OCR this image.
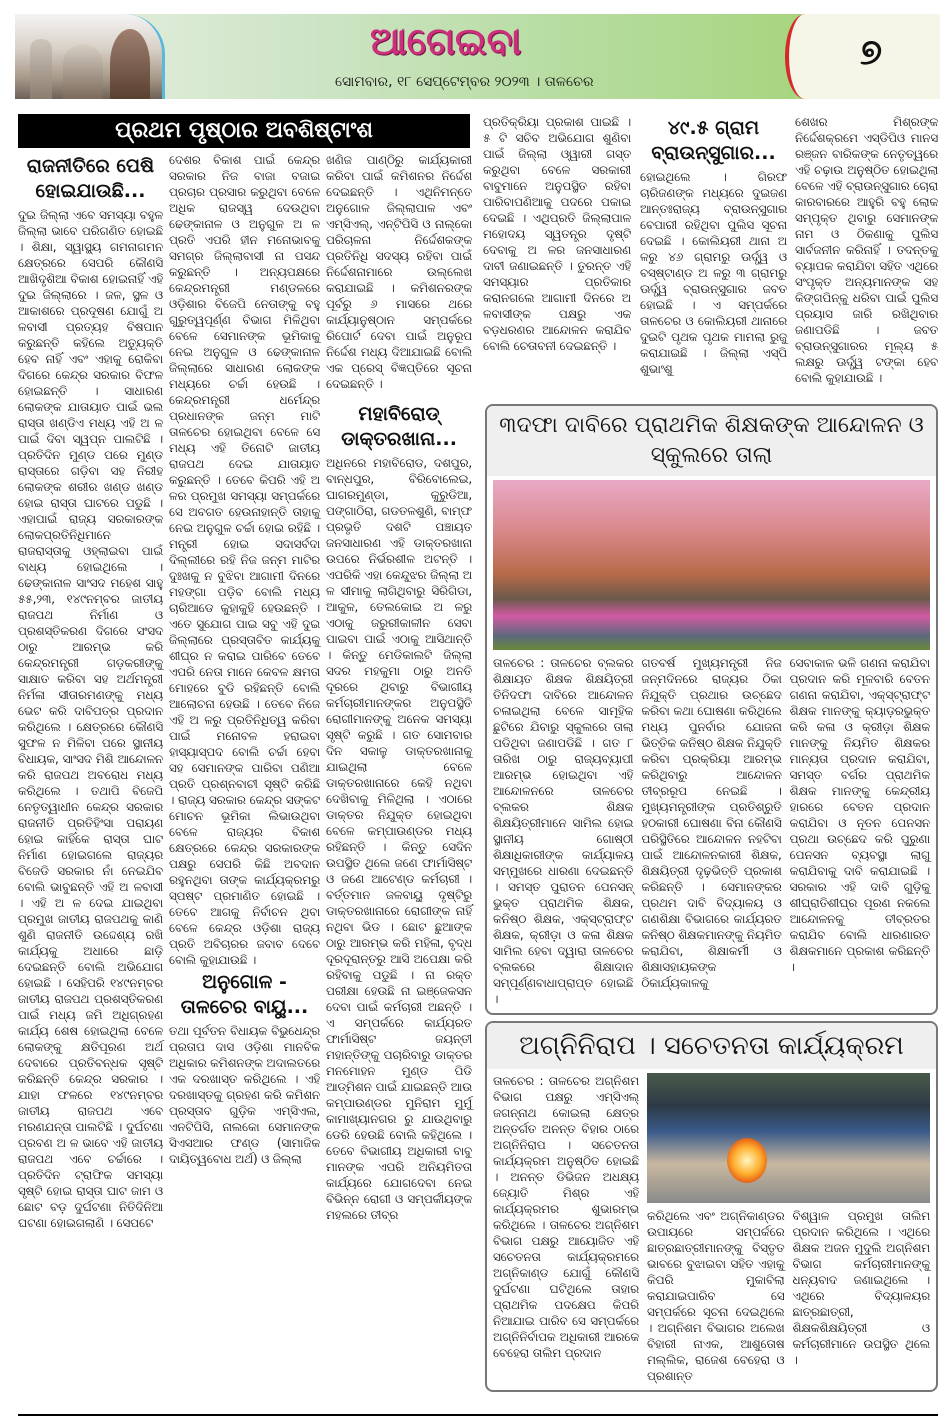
ଆଗେଇବା
ସୋମବାର, ୧୮ ସେପ୍ଟେମ୍ବର ୨୦୨୩ । ତାଳଚେର
୭
ପ୍ରଥମ ପୃଷ୍ଠାର ଅବଶିଷ୍ଟାଂଶ
ରାଜନୀତିରେ ପେଷି ହୋଇଯାଉଛି...
ଦୁଇ ଜିଲ୍ଲା ଏବେ ସମସ୍ୟା ବହୁଳ ଜିଲ୍ଲା ଭାବେ ପରିଗଣିତ ହୋଇଛି । ଶିକ୍ଷା, ସ୍ୱାସ୍ଥ୍ୟ ଗମନାଗମନ କ୍ଷେତ୍ରରେ ସେପରି କୌଣସି ଆଖିଦୃଶିଆ ବିକାଶ ହୋଇନାହିଁ ଏହି ଦୁଇ ଜିଲ୍ଲାରେ । ଜଳ, ସ୍ଥଳ ଓ ଆକାଶରେ ପ୍ରଦୂଷଣ ଯୋଗୁଁ ଅ ଳବାସୀ ପ୍ରତ୍ୟହ ବିଷପାନ କରୁଛନ୍ତି କହିଲେ ଅତ୍ୟୁକ୍ତି ହେବ ନାହିଁ ଏବଂ ଏହାକୁ ରୋକିବା ଦିଗରେ କେନ୍ଦ୍ର ସରକାର ବିଫଳ ହୋଇଛନ୍ତି । ସାଧାରଣ ଲୋକଙ୍କ ଯାତାୟାତ ପାଇଁ ଭଲ ରାସ୍ତା ଖଣ୍ଡିଏ ମଧ୍ୟ ଏହି ଅ ଳ ପାଇଁ ଦିବା ସ୍ୱପ୍ନ ପାଲଟିଛି । ପ୍ରତିଦିନ ମୁଣ୍ଡ ପରେ ମୁଣ୍ଡ ରାସ୍ତାରେ ଗଡ଼ିବା ସହ ନିରୀହ ଲୋକଙ୍କ ଶରୀର ଖଣ୍ଡ ଖଣ୍ଡ ହୋଇ ରାସ୍ତା ଘାଟରେ ପଡୁଛି । ଏହାପାଇଁ ରାଜ୍ୟ ସରକାରଙ୍କ ଲୋକପ୍ରତିନିଧିମାନେ ରାଜରାସ୍ତାକୁ ଓହ୍ଲାଇବା ପାଇଁ ବାଧ୍ୟ ହୋଇଥିଲେ । ଢେଙ୍କାନାଳ ସାଂସଦ ମହେଶ ସାହୁ ୫୫,୨୩, ୧୪୯ନମ୍ବର ଜାତୀୟ ରାଜପଥ ନିର୍ମାଣ ଓ ପ୍ରଶସ୍ତିକରଣ ଦିଗରେ ସଂସଦ ଠାରୁ ଆରମ୍ଭ କରି କେନ୍ଦ୍ରମନ୍ତ୍ରୀ ଗଡ଼କରୀଙ୍କୁ ସାକ୍ଷାତ କରିବା ସହ ଅର୍ଥମନ୍ତ୍ରୀ ନିର୍ମଳା ସୀତାରମଣଙ୍କୁ ମଧ୍ୟ ଭେଟ କରି ଦାବିପତ୍ର ପ୍ରଦାନ କରିଥିଲେ । କ୍ଷେତ୍ରରେ କୌଣସି ସୁଫଳ ନ ମିଳିବା ପରେ ସ୍ଥାନୀୟ ବିଧାୟକ, ସାଂସଦ ମିଶି ଆନ୍ଦୋଳନ କରି ରାଜପଥ ଅବରୋଧ ମଧ୍ୟ କରିଥିଲେ । ତଥାପି ବିଜେପି ନେତୃତ୍ୱାଧୀନ କେନ୍ଦ୍ର ସରକାର ରାଜନୀତି ପ୍ରତିହିଂସା ପରାୟଣ ହୋଇ କାହିଁକେ ରାସ୍ତା ଘାଟ ନିର୍ମାଣ ହୋଇଗଲେ ରାଜ୍ୟର ବିଜେଡି ସରକାର ନାଁ ନେଇଯିବ ବୋଲି ଭାବୁଛନ୍ତି ଏହି ଅ ଳବାସୀ । ଏହି ଅ ଳ ଦେଇ ଯାଇଥିବା ପ୍ରମୁଖ ଜାତୀୟ ରାଜପଥକୁ କାଣି ଶୁଣି ରାଜନୀତି ଉଦ୍ଦେଶ୍ୟ ରଖି କାର୍ଯ୍ୟକୁ ଅଧାରେ ଛାଡ଼ି ଦେଇଛନ୍ତି ବୋଲି ଅଭିଯୋଗ ହୋଇଛି । ସେହିପରି ୧୪୯ନମ୍ବର ଜାତୀୟ ରାଜପଥ ପ୍ରଶସ୍ତିକରଣ ପାଇଁ ମଧ୍ୟ ଜମି ଅଧିଗ୍ରହଣ କାର୍ଯ୍ୟ ଶେଷ ହୋଇଥିଲା ବେଳେ ଲୋକଙ୍କୁ କ୍ଷତିପୂରଣ ଅର୍ଥ ଦେବାରେ ପ୍ରତିବନ୍ଧକ ସୃଷ୍ଟି କରିଛନ୍ତି କେନ୍ଦ୍ର ସରକାର । ଯାହା ଫଳରେ ୧୪୯ନମ୍ବର ଜାତୀୟ ରାଜପଥ ଏବେ ମରଣଯନ୍ତା ପାଲଟିଛି । ଦୁର୍ଘଟଣା ପ୍ରବଣ ଅ ଳ ଭାବେ ଏହି ଜାତୀୟ ରାଜପଥ ଏବେ ଚର୍ଚ୍ଚାରେ । ପ୍ରତିଦିନ ଟ୍ରାଫିକ ସମସ୍ୟା ସୃଷ୍ଟି ହୋଇ ରାସ୍ତା ଘାଟ ଜାମ ଓ ଛୋଟ ବଡ଼ ଦୁର୍ଘଟଣା ନିତିଦିନିଆ ଘଟଣା ହୋଇଗଲାଣି । ସେପଟେ
ଦେଶର ବିକାଶ ପାଇଁ କେନ୍ଦ୍ର ସରକାର ନିଜ ବାଜା ବଜାଇ ପ୍ରଚାର ପ୍ରସାର କରୁଥିବା ବେଳେ ଅଧିକ ରାଜସ୍ୱ ଦେଉଥିବା ଢେଙ୍କାନାଳ ଓ ଅନୁଗୁଳ ଅ ଳ ପ୍ରତି ଏପରି ହୀନ ମନୋଭାବକୁ ସମଗ୍ର ଜିଲ୍ଲାବାସୀ ନା ପସନ୍ଦ କରୁଛନ୍ତି । ଅନ୍ୟପକ୍ଷରେ କେନ୍ଦ୍ରମନ୍ତ୍ରୀ ମଣ୍ଡଳରେ ଓଡ଼ିଶାର ବିଜେପି ନେତାଙ୍କୁ ବହୁ ଗୁରୁତ୍ୱପୂର୍ଣ୍ଣ ବିଭାଗ ମିଳିଥିବା ବେଳେ ସେମାନଙ୍କ ଭୂମିକାକୁ ନେଇ ଅନୁଗୁଳ ଓ ଢେଙ୍କାନାଳ ଜିଲ୍ଲାରେ ସାଧାରଣ ଲୋକଙ୍କ ମଧ୍ୟରେ ଚର୍ଚ୍ଚା ହେଉଛି । କେନ୍ଦ୍ରମନ୍ତ୍ରୀ ଧର୍ମେନ୍ଦ୍ର ପ୍ରଧାନଙ୍କ ଜନ୍ମ ମାଟି ତାଳଚେର ହୋଇଥିବା ବେଳେ ସେ ମଧ୍ୟ ଏହି ତିନୋଟି ଜାତୀୟ ରାଜପଥ ଦେଇ ଯାତାୟାତ କରୁଛନ୍ତି । ତେବେ କିପରି ଏହି ଅ ଳର ପ୍ରମୁଖ ସମସ୍ୟା ସମ୍ପର୍କରେ ସେ ଅବଗତ ହେଉନାହାନ୍ତି ତାହାକୁ ନେଇ ଅନୁଗୁଳ ଚର୍ଚ୍ଚା ହୋଇ ରହିଛି । ମନ୍ତ୍ରୀ ହୋଇ ସଦାସର୍ବଦା ଦିଲ୍ଲୀରେ ରହି ନିଜ ଜନ୍ମ ମାଟିର ଦୁଃଖକୁ ନ ବୁଝିବା ଆଗାମୀ ଦିନରେ ମହଙ୍ଗା ପଡ଼ିବ ବୋଲି ମଧ୍ୟ ଚାରିଆଡେ କୁହାକୁହି ହେଉଛନ୍ତି । ଏତେ ସୁଯୋଗ ପାଇ ସବୁ ଏହି ଦୁଇ ଜିଲ୍ଲାରେ ପ୍ରସ୍ତାବିତ କାର୍ଯ୍ୟକୁ ଶୀଘ୍ର ନ କରାଇ ପାରିବେ ତେବେ ଏପରି ନେତା ମାନେ କେବଳ କ୍ଷମତା ମୋହରେ ବୁଡି ରହିଛନ୍ତି ବୋଲି ଆଲୋଚନା ହେଉଛି । ତେବେ ନିଜେ ଏହି ଅ ଳରୁ ପ୍ରତିନିଧିତ୍ୱ କରିବା ପାଇଁ ମନୋବଳ ହରାଇବା ହାସ୍ୟାସ୍ପଦ ବୋଲି ଚର୍ଚ୍ଚା ହେବା ସହ ସେମାନଙ୍କ ପାରିବା ପଣିଆ ପ୍ରତି ପ୍ରଶ୍ନବାଚୀ ସୃଷ୍ଟି କରିଛି । ରାଜ୍ୟ ସରକାର କେନ୍ଦ୍ର ସଙ୍କଟ ମୋଚନ ଭୂମିକା ଲିଭାଉଥିବା ବେଳେ ରାଜ୍ୟର ବିକାଶ କ୍ଷେତ୍ରରେ କେନ୍ଦ୍ର ସରକାରଙ୍କ ପକ୍ଷରୁ ସେପରି କିଛି ଅବଦାନ ରହୁନଥିବା ତାଙ୍କ କାର୍ଯ୍ୟକ୍ରମରୁ ସ୍ପଷ୍ଟ ପ୍ରମାଣିତ ହୋଇଛି । ତେବେ ଆଗକୁ ନିର୍ବାଚନ ଥିବା ବେଳେ କେନ୍ଦ୍ର ଓଡ଼ିଶା ରାଜ୍ୟ ପ୍ରତି ଅବିଚାରର ଜବାବ ଦେବେ ବୋଲି କୁହାଯାଉଛି ।
ଅନୁଗୋଳ - ତାଳଚେର ବାୟୁ...
ତଥା ପୂର୍ବତନ ବିଧାୟକ ବିଭୁଧେନ୍ଦ୍ର ପ୍ରତାପ ଦାସ ଓଡ଼ିଶା ମାନବିକ ଅଧିକାର କମିଶନଙ୍କ ଅଦାଲତରେ ଏକ ଦରଖାସ୍ତ କରିଥିଲେ । ଏହି ଦରଖାସ୍ତକୁ ଗ୍ରହଣ କରି କମିଶନ ପ୍ରସ୍ତାବ ଗୁଡ଼ିକ ଏମ୍‌ସିଏଲ, ଏନଟିପିସି, ନାଲକୋ ସେମାନଙ୍କ ସିଏସଆର ଫଣ୍ଡ (ସାମାଜିକ ଦାୟିତ୍ୱବୋଧ ଅର୍ଥ) ଓ ଜିଲ୍ଲା
ଖଣିଜ ପାଣ୍ଠିରୁ କାର୍ଯ୍ୟକାରୀ କରିବା ପାଇଁ କମିଶନର ନିର୍ଦ୍ଦେଶ ଦେଇଛନ୍ତି । ଏଥିନିମନ୍ତେ ଅନୁଗୋଳ ଜିଲ୍ଲାପାଳ ଏବଂ ଏମ୍‌ସିଏଲ୍, ଏନ୍‌ଟିପିସି ଓ ନାଲ୍‌କୋ ପରିଚାଳନା ନିର୍ଦ୍ଦେଶକଙ୍କ ପ୍ରତିନିଧି ସଦସ୍ୟ ରହିବା ପାଇଁ ନିର୍ଦ୍ଦେଶନାମାରେ ଉଲ୍ଲେଖ କରାଯାଇଛି । କମିଶନରଙ୍କ ପୂର୍ବରୁ ୬ ମାସରେ ଥରେ କାର୍ଯ୍ୟାନୁଷ୍ଠାନ ସମ୍ପର୍କରେ ରିପୋର୍ଟ ଦେବା ପାଇଁ ଅନୁରୂପ ନିର୍ଦ୍ଦେଶ ମଧ୍ୟ ଦିଆଯାଇଛି ବୋଲି ଏକ ପ୍ରେସ୍ ବିଜ୍ଞପ୍ତିରେ ସୂଚନା ଦେଇଛନ୍ତି ।
ମହାବିରୋଡ୍ ଡାକ୍ତରଖାନା...
ଅଧିନରେ ମହାବିରୋଡ, ଦଶପୁର, ବାନ୍ଧପୁର, ବିରିବୋଲେଇ, ଘାଗରମୁଣ୍ଡା, କୁରୁଡିଆ, ପଙ୍ଗାଠିରା, ଗଡତଳଶୁଣି, ବାମ୍ଫ ପ୍ରଭୃତି ଦଶଟି ପଞ୍ଚାୟତ ଜନସାଧାରଣ ଏହି ଡାକ୍ତରଖାନା ଉପରେ ନିର୍ଭରଶୀଳ ଅଟନ୍ତି । ଏପରିକି ଏହା କେନ୍ଦୁଝର ଜିଲ୍ଲା ଅ ଳ ସୀମାକୁ ଲାଗିଥିବାରୁ ସିରିଗିଡା, ଆକୁଳ, ତେଲକୋଇ ଅ ଳରୁ ଏଠାକୁ ଜରୁରୀକାଳୀନ ସେବା ପାଇବା ପାଇଁ ଏଠାକୁ ଆସିଥାନ୍ତି । କିନ୍ତୁ ମେଡିକାଲଟି ଜିଲ୍ଲା ସଦର ମହକୁମା ଠାରୁ ଅନତି ଦୂରରେ ଥିବାରୁ ବିଭାଗୀୟ କର୍ମଚାରୀମାନଙ୍କର ଅନୁପସ୍ଥିତି ରୋଗୀମାନଙ୍କୁ ଅନେକ ସମସ୍ୟା ସୃଷ୍ଟି କରୁଛି । ଗତ ସୋମବାର ଦିନ ସକାଳୁ ଡାକ୍ତରଖାନାକୁ ଯାଇଥିଲା ବେଳେ ଡାକ୍ତରଖାନାରେ କେହି ନଥିବା ଦେଖିବାକୁ ମିଳିଥିଲା । ଏଠାରେ ଡାକ୍ତର ନିଯୁକ୍ତ ହୋଇଥିବା ବେଳେ କମ୍ପାଉଣ୍ଡର ମଧ୍ୟ ରହିଛନ୍ତି । କିନ୍ତୁ ସେଦିନ ଉପସ୍ଥିତ ଥିଲେ ଜଣେ ଫାର୍ମାସିଷ୍ଟ ଓ ଜଣେ ଆଟେଣ୍ଡ କର୍ମଚାରୀ । ବର୍ତ୍ତମାନ ଜଳବାୟୁ ଦୃଷ୍ଟିରୁ ଡାକ୍ତରଖାନାରେ ରୋଗୀଙ୍କ ନାହିଁ ନଥିବା ଭିଡ । ଛୋଟ ଛୁଆଙ୍କ ଠାରୁ ଆରମ୍ଭ କରି ମହିଳା, ବୃଦ୍ଧ ଦୂରଦୂରାନ୍ତରୁ ଆସି ଅପେକ୍ଷା କରି ରହିବାକୁ ପଡୁଛି । ନା ରକ୍ତ ପରୀକ୍ଷା ହେଉଛି ନା ଇଞ୍ଜେକସନ ଦେବା ପାଇଁ କର୍ମଚାରୀ ଅଛନ୍ତି । ଏ ସମ୍ପର୍କରେ କାର୍ଯ୍ୟରତ ଫାର୍ମାସିଷ୍ଟ ଜୟନ୍ତୀ ମହାନ୍ତିଙ୍କୁ ପଚାରିବାରୁ ଡାକ୍ତର ମନମୋହନ ମୁଣ୍ଡ ପିଡି ଆଡ୍‌ମିଶନ ପାଇଁ ଯାଇଛନ୍ତି ଆଉ କମ୍ପାଉଣ୍ଡର ମୁନିରାମ ମୁର୍ମୁ କାମାଖ୍ୟାନଗର ରୁ ଯାଉଥିବାରୁ ଡେରି ହେଉଛି ବୋଲି କହିଥିଲେ । ତେବେ ବିଭାଗୀୟ ଅଧିକାରୀ ବାବୁ ମାନଙ୍କ ଏପରି ଅନିୟମିତତା କାର୍ଯ୍ୟରେ ଯୋଗଦେବା ନେଇ ବିଭିନ୍ନ ରୋଗୀ ଓ ସମ୍ପର୍କୀୟଙ୍କ ମହଲରେ ତୀବ୍ର
ପ୍ରତିକ୍ରିୟା ପ୍ରକାଶ ପାଇଛି । ୫ ଟି ସଚିବ ଅଭିଯୋଗ ଶୁଣିବା ପାଇଁ ଜିଲ୍ଲା ଓ୍ୱାରୀ ଗସ୍ତ କରୁଥିବା ବେଳେ ସରକାରୀ ବାବୁମାନେ ଅନୁପସ୍ଥିତ ରହିବା ପାରିବାପଣିଆକୁ ପଦରେ ପକାଇ ଦେଇଛି । ଏଥିପ୍ରତି ଜିଲ୍ଲାପାଳ ମହୋଦୟ ସ୍ୱତନ୍ତ୍ର ଦୃଷ୍ଟି ଦେବାକୁ ଅ ଳର ଜନସାଧାରଣ ଦାବୀ ଜଣାଇଛନ୍ତି । ତୁରନ୍ତ ଏହି ସମସ୍ୟାର ପ୍ରତିକାର କରାନଗଲେ ଆଗାମୀ ଦିନରେ ଅ ଳବାସୀଙ୍କ ପକ୍ଷରୁ ଏକ ବଡ଼ଧରଣର ଆନ୍ଦୋଳନ କରାଯିବ ବୋଲି ଚେତାବନୀ ଦେଇଛନ୍ତି ।
୪୯.୫ ଗ୍ରାମ ବ୍ରାଉନ୍‌ସୁଗାର...
ହୋଇଥିଲେ । ଗିରଫ ଚାରିଜଣଙ୍କ ମଧ୍ୟରେ ଦୁଇଜଣ ଆନ୍ତଃରାଜ୍ୟ ବ୍ରାଉନ୍‌ସୁଗାର ବେପାରୀ ରହିଥିବା ପୁଲିସ ସୂଚନା ଦେଇଛି । କୋଲିୟରୀ ଥାନା ଅ ଳରୁ ୪୬ ଗ୍ରାମରୁ ଊର୍ଦ୍ଧ୍ୱ ଓ ବସ୍‌ଷ୍ଟାଣ୍ଡ ଅ ଳରୁ ୩ ଗ୍ରାମରୁ ଊର୍ଦ୍ଧ୍ୱ ବ୍ରାଉନ୍‌ସୁଗାର ଜବତ ହୋଇଛି । ଏ ସମ୍ପର୍କରେ ତାଳଚେର ଓ କୋଲିୟରୀ ଥାନାରେ ଦୁଇଟି ପୃଥକ ପୃଥକ ମାମଲା ରୁଜୁ କରାଯାଇଛି । ଜିଲ୍ଲା ଏସ୍‌ପି ଶୁଭାଂଶୁ
ଶେଖର ମିଶ୍ରଙ୍କ ନିର୍ଦ୍ଦେଶକ୍ରମେ ଏସ୍‌ଡିପିଓ ମାନସ ରଞ୍ଜନ ବାରିକଙ୍କ ନେତୃତ୍ୱରେ ଏହି ଚଢ଼ାଉ ଅନୁଷ୍ଠିତ ହୋଇଥିଲା ବେଳେ ଏହି ବ୍ରାଉନ୍‌ସୁଗାର ଚୋରା କାରବାରରେ ଆହୁରି ବହୁ ଲୋକ ସମ୍ପୃକ୍ତ ଥିବାରୁ ସେମାନଙ୍କ ନାମ ଓ ଠିକଣାକୁ ପୁଲିସ ସାର୍ବଜନୀନ କରିନାହିଁ । ତଦନ୍ତକୁ ବ୍ୟାପକ କରାଯିବା ସହିତ ଏଥିରେ ସଂପୃକ୍ତ ଅନ୍ୟମାନଙ୍କ ସହ କିଙ୍ଗପିନ୍‌କୁ ଧରିବା ପାଇଁ ପୁଲିସ ପ୍ରୟାସ ଜାରି ରଖିଥିବାର ଜଣାପଡିଛି । ଜବତ ବ୍ରାଉନ୍‌ସୁଗାରର ମୂଲ୍ୟ ୫ ଲକ୍ଷରୁ ଊର୍ଦ୍ଧ୍ୱ ଟଙ୍କା ହେବ ବୋଲି କୁହାଯାଉଛି ।
୩ଦଫା ଦାବିରେ ପ୍ରାଥମିକ ଶିକ୍ଷକଙ୍କ ଆନ୍ଦୋଳନ ଓ ସ୍କୁଲରେ ତାଲା
ତାଳଚେର : ତାଳଚେର ବ୍ଲକର ଶିକ୍ଷାୟତ ଶିକ୍ଷକ ଶିକ୍ଷୟିତ୍ରୀ ତିନିଦଫା ଦାବିରେ ଆନ୍ଦୋଳନ ଚଳାଇଥିଲା ବେଳେ ସାମୂହିକ ଛୁଟିରେ ଯିବାରୁ ସ୍କୁଲରେ ତାଲା ପଡିଥିବା ଜଣାପଡିଛି । ଗତ ୮ ତାରିଖ ଠାରୁ ରାଜ୍ୟବ୍ୟାପୀ ଆରମ୍ଭ ହୋଇଥିବା ଏହି ଆନ୍ଦୋଳନରେ ତାଳଚେର ବ୍ଲକର ଶିକ୍ଷକ ଶିକ୍ଷୟିତ୍ରୀମାନେ ସାମିଲ ହୋଇ ସ୍ଥାନୀୟ ଗୋଷ୍ଠୀ ଶିକ୍ଷାଧିକାରୀଙ୍କ କାର୍ଯ୍ୟାଳୟ ସମ୍ମୁଖରେ ଧାରଣା ଦେଇଛନ୍ତି । ସମସ୍ତ ପୁରାତନ ପେନସନ୍ ଭୁକ୍ତ ପ୍ରାଥମିକ ଶିକ୍ଷକ, କନିଷ୍ଠ ଶିକ୍ଷକ, ଏକ୍ସ୍‌ଟ୍ରାଫ୍ଟ ଶିକ୍ଷକ, କ୍ରୀଡ଼ା ଓ କଳା ଶିକ୍ଷକ ସାମିଲ ହେବା ଦ୍ୱାରା ତାଳଚେର ବ୍ଲକରେ ଶିକ୍ଷାଦାନ ସମ୍ପୂର୍ଣ୍ଣବାଧାପ୍ରାପ୍ତ ହୋଇଛି ।
ଗତବର୍ଷ ମୁଖ୍ୟମନ୍ତ୍ରୀ ନିଜ ଜନ୍ମଦିନରେ ରାଜ୍ୟର ଠିକା ନିଯୁକ୍ତି ପ୍ରଥାର ଉଚ୍ଛେଦ କରିବା କଥା ଘୋଷଣା କରିଥିଲେ ମଧ୍ୟ ପୁନର୍ବାର ଯୋଜନା ଭିତ୍ତିକ କନିଷ୍ଠ ଶିକ୍ଷକ ନିଯୁକ୍ତି କରିବା ପ୍ରକ୍ରିୟା ଆରମ୍ଭ କରିଥିବାରୁ ଆନ୍ଦୋଳନ ତୀବ୍ରରୂପ ନେଇଛି । ମୁଖ୍ୟମନ୍ତ୍ରୀଙ୍କ ପ୍ରତିଶ୍ରୁତି ହଠକାରୀ ଘୋଷଣା ବିନା କୌଣସି ପରିସ୍ଥିତିରେ ଆନ୍ଦୋଳନ ନହଟିବା ପାଇଁ ଆନ୍ଦୋଳନକାରୀ ଶିକ୍ଷକ, ଶିକ୍ଷୟିତ୍ରୀ ଦୃଢ଼ଭିତ୍ତି ପ୍ରକାଶ କରିଛନ୍ତି । ସେମାନଙ୍କର ପ୍ରଥମ ଦାବି ବିଦ୍ୟାଳୟ ଓ ଗଣଶିକ୍ଷା ବିଭାଗରେ କାର୍ଯ୍ୟରତ କନିଷ୍ଠ ଶିକ୍ଷକମାନଙ୍କୁ ନିୟମିତ କରାଯିବା, ଶିକ୍ଷାକର୍ମୀ ଓ ଶିକ୍ଷାସହାୟକଙ୍କ ଠିକାର୍ଯ୍ୟକାଳକୁ
ସେବାକାଳ ଭଳି ଗଣନା କରାଯିବା ପ୍ରଦାନ କରି ମୂଳବାରି ବେତନ ଗଣନା କରାଯିବା, ଏକ୍ସ୍‌ଟ୍ରାଫ୍ଟ ଶିକ୍ଷକ ମାନଙ୍କୁ କ୍ୟାଡ଼ରଭୁକ୍ତ କରି କଳା ଓ କ୍ରୀଡ଼ା ଶିକ୍ଷକ ମାନଙ୍କୁ ନିୟମିତ ଶିକ୍ଷକର ମାନ୍ୟତା ପ୍ରଦାନ କରାଯିବା, ସମସ୍ତ ବର୍ଗର ପ୍ରାଥମିକ ଶିକ୍ଷକ ମାନଙ୍କୁ କେନ୍ଦ୍ରୀୟ ହାରରେ ବେତନ ପ୍ରଦାନ କରାଯିବା ଓ ନୂତନ ପେନସନ ପ୍ରଥା ଉଚ୍ଛେଦ କରି ପୁରୁଣା ପେନସନ ବ୍ୟବସ୍ଥା ଲାଗୁ କରାଯିବାକୁ ଦାବି କରାଯାଇଛି । ସରକାର ଏହି ଦାବି ଗୁଡ଼ିକୁ ଶୀଘ୍ରାତିଶୀଘ୍ର ପୂରଣ ନକଲେ ଆନ୍ଦୋଳନକୁ ତୀବ୍ରତର କରାଯିବ ବୋଲି ଧାରଣାରତ ଶିକ୍ଷକମାନେ ପ୍ରକାଶ କରିଛନ୍ତି ।
ଅଗ୍ନିନିରାପ । ସଚେତନତା କାର୍ଯ୍ୟକ୍ରମ
ତାଳଚେର : ତାଳଚେର ଅଗ୍ନିଶମ ବିଭାଗ ପକ୍ଷରୁ ଏମ୍‌ସିଏଲ୍ ଜଗନ୍ନାଥ କୋଇଲା କ୍ଷେତ୍ର ଅନ୍ତର୍ଗତ ଅନନ୍ତ ବିହାର ଠାରେ ଅଗ୍ନିନିରାପ । ସଚେତନତା କାର୍ଯ୍ୟକ୍ରମ ଅନୁଷ୍ଠିତ ହୋଇଛି । ଅନନ୍ତ ଡିଭିଜନ ଅଧକ୍ଷ୍ୟ ଜ୍ୟୋତି ମିଶ୍ର ଏହି କାର୍ଯ୍ୟକ୍ରମର ଶୁଭାରମ୍ଭ କରିଥିଲେ । ତାଳଚେର ଅଗ୍ନିଶମ ବିଭାଗ ପକ୍ଷରୁ ଆୟୋଜିତ ଏହି ସଚେତନତା କାର୍ଯ୍ୟକ୍ରମରେ ଅଗ୍ନିକାଣ୍ଡ ଯୋଗୁଁ କୌଣସି ଦୁର୍ଘଟଣା ଘଟିଥିଲେ ତାହାର ପ୍ରାଥମିକ ପଦକ୍ଷେପ କିପରି ନିଆଯାଇ ପାରିବ ସେ ସମ୍ପର୍କରେ ଅଗ୍ନିନିର୍ବାପକ ଅଧିକାରୀ ଆରକେ ବେହେରା ତାଲିମ ପ୍ରଦାନ
କରିଥିଲେ ଏବଂ ଅଗ୍ନିକାଣ୍ଡର ଉପାୟରେ ସମ୍ପର୍କରେ ଛାତ୍ରଛାତ୍ରୀମାନଙ୍କୁ ବିସ୍ତୃତ ଭାବରେ ବୁଝାଇବା ସହିତ ଏହାକୁ କିପରି ମୁକାବିଲା କରାଯାଇପାରିବ ସେ ସମ୍ପର୍କରେ ସୂଚନା ଦେଇଥିଲେ । ଅଗ୍ନିଶମ ବିଭାଗର ଅଲେଖ ବିହାରୀ ନାଏକ, ଆଶୁତୋଷ ମଲ୍ଲିକ, ରାଜେଶ ବେହେରା ଓ ପ୍ରଶାନ୍ତ
ବିଶ୍ୱାଳ ପ୍ରମୁଖ ତାଲିମ ପ୍ରଦାନ କରିଥିଲେ । ଏଥିରେ ଶିକ୍ଷକ ଅଜନ ମୁଦୁଲି ଅଗ୍ନିଶମ ବିଭାଗ କର୍ମଚାରୀମାନଙ୍କୁ ଧନ୍ୟବାଦ ଜଣାଇଥିଲେ । ଏଥିରେ ବିଦ୍ୟାଳୟର ଛାତ୍ରଛାତ୍ରୀ, ଶିକ୍ଷକଶିକ୍ଷୟିତ୍ରୀ ଓ କର୍ମଚାରୀମାନେ ଉପସ୍ଥିତ ଥିଲେ ।
